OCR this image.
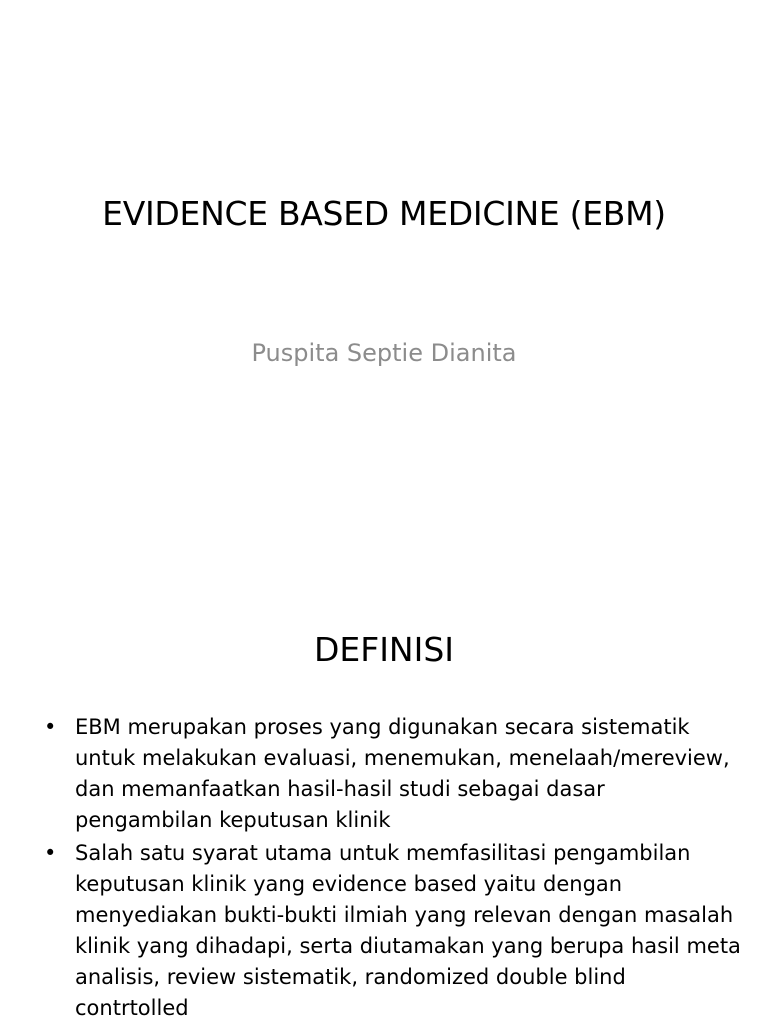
EVIDENCE BASED MEDICINE (EBM)
Puspita Septie Dianita
DEFINISI
• EBM merupakan proses yang digunakan secara sistematik untuk melakukan evaluasi, menemukan, menelaah/mereview, dan memanfaatkan hasil-hasil studi sebagai dasar pengambilan keputusan klinik
• Salah satu syarat utama untuk memfasilitasi pengambilan keputusan klinik yang evidence based yaitu dengan menyediakan bukti-bukti ilmiah yang relevan dengan masalah klinik yang dihadapi, serta diutamakan yang berupa hasil meta analisis, review sistematik, randomized double blind contrtolled
